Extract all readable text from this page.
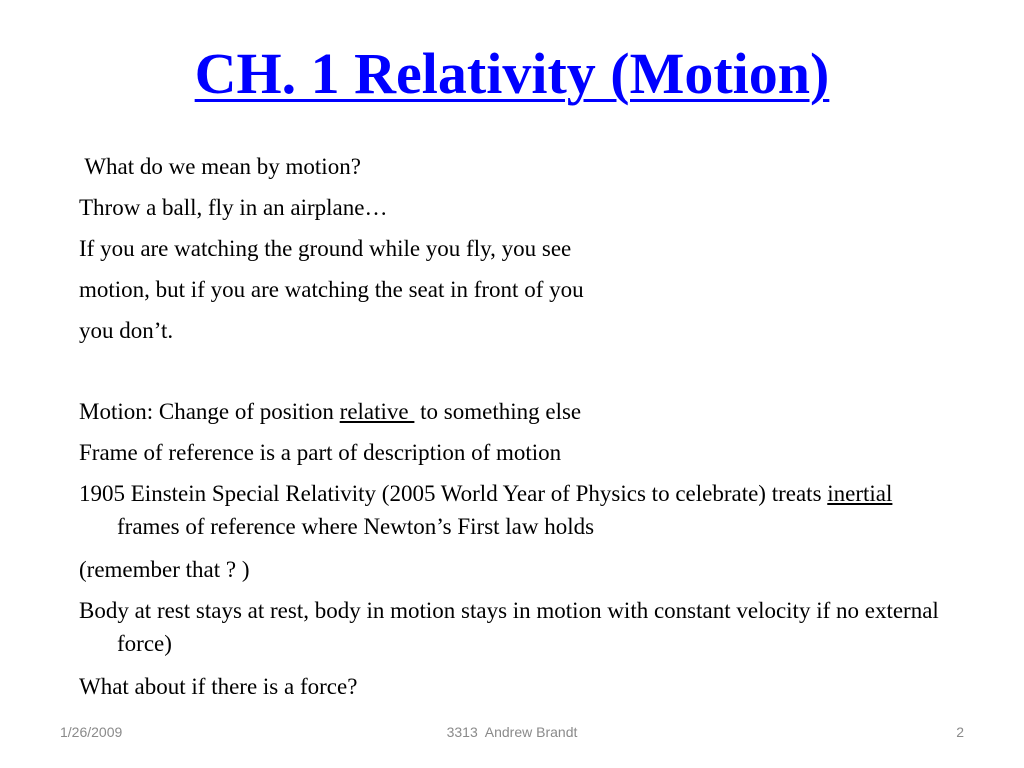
CH. 1 Relativity (Motion)
What do we mean by motion?
Throw a ball, fly in an airplane…
If you are watching the ground while you fly, you see
motion, but if you are watching the seat in front of you
you don’t.
Motion: Change of position relative  to something else
Frame of reference is a part of description of motion
1905 Einstein Special Relativity (2005 World Year of Physics to celebrate) treats inertial frames of reference where Newton’s First law holds
(remember that ? )
Body at rest stays at rest, body in motion stays in motion with constant velocity if no external force)
What about if there is a force?
1/26/2009	3313  Andrew Brandt	2
